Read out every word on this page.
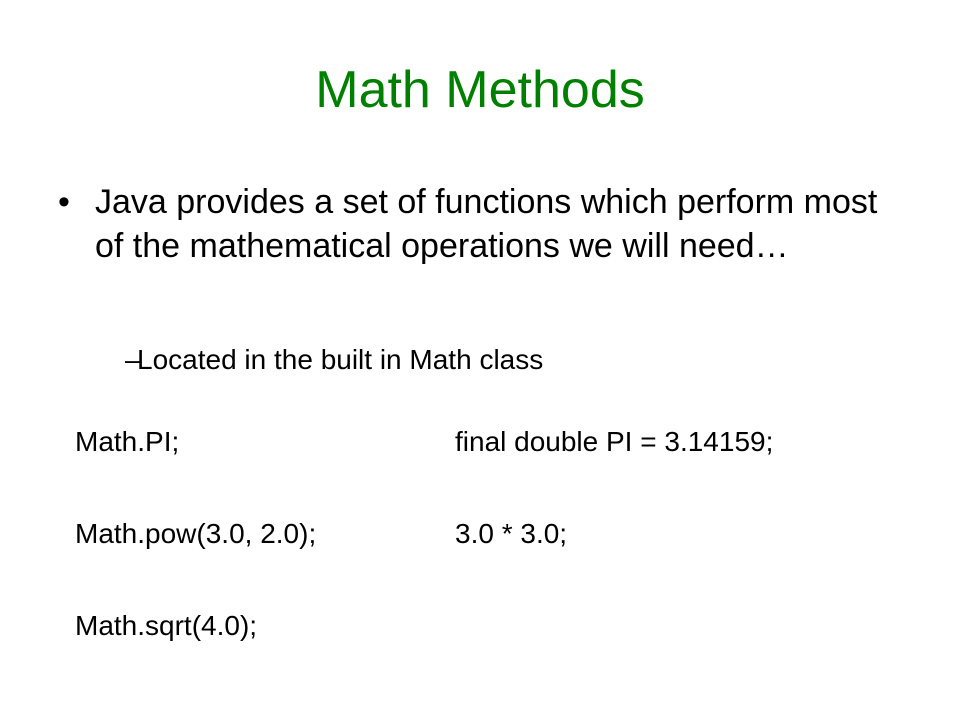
Math Methods
• Java provides a set of functions which perform most of the mathematical operations we will need…
–
Located in the built in Math class
Math.PI;	final double PI = 3.14159;
Math.pow(3.0, 2.0);	3.0 * 3.0;
Math.sqrt(4.0);
